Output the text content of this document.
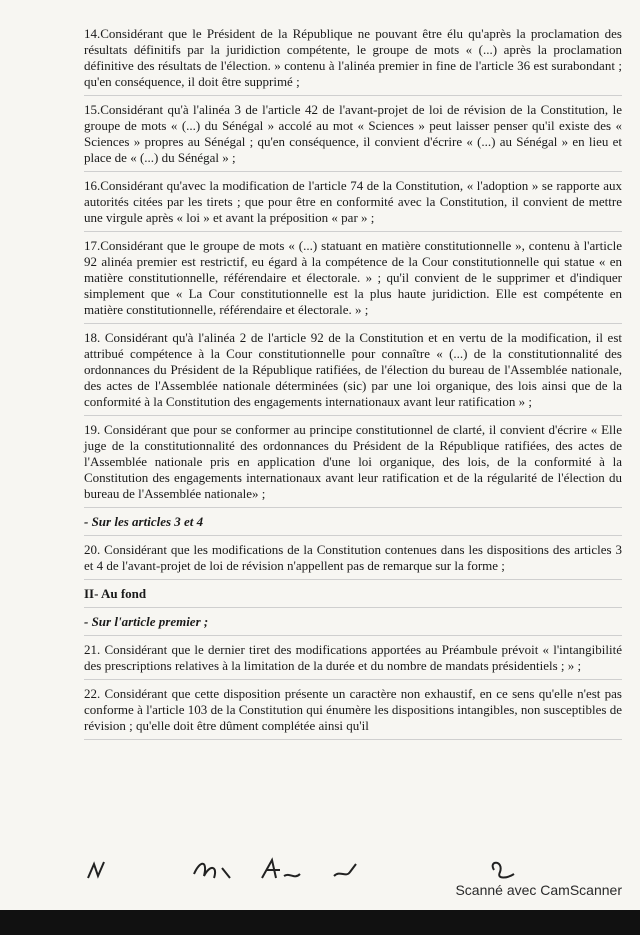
14.Considérant que le Président de la République ne pouvant être élu qu'après la proclamation des résultats définitifs par la juridiction compétente, le groupe de mots « (...) après la proclamation définitive des résultats de l'élection. » contenu à l'alinéa premier in fine de l'article 36 est surabondant ; qu'en conséquence, il doit être supprimé ;

15.Considérant qu'à l'alinéa 3 de l'article 42 de l'avant-projet de loi de révision de la Constitution, le groupe de mots « (...) du Sénégal » accolé au mot « Sciences » peut laisser penser qu'il existe des « Sciences » propres au Sénégal ; qu'en conséquence, il convient d'écrire « (...) au Sénégal » en lieu et place de « (...) du Sénégal » ;

16.Considérant qu'avec la modification de l'article 74 de la Constitution, « l'adoption » se rapporte aux autorités citées par les tirets ; que pour être en conformité avec la Constitution, il convient de mettre une virgule après « loi » et avant la préposition « par » ;

17.Considérant que le groupe de mots « (...) statuant en matière constitutionnelle », contenu à l'article 92 alinéa premier est restrictif, eu égard à la compétence de la Cour constitutionnelle qui statue « en matière constitutionnelle, référendaire et électorale. » ; qu'il convient de le supprimer et d'indiquer simplement que « La Cour constitutionnelle est la plus haute juridiction. Elle est compétente en matière constitutionnelle, référendaire et électorale. » ;

18. Considérant qu'à l'alinéa 2 de l'article 92 de la Constitution et en vertu de la modification, il est attribué compétence à la Cour constitutionnelle pour connaître « (...) de la constitutionnalité des ordonnances du Président de la République ratifiées, de l'élection du bureau de l'Assemblée nationale, des actes de l'Assemblée nationale déterminées (sic) par une loi organique, des lois ainsi que de la conformité à la Constitution des engagements internationaux avant leur ratification » ;

19. Considérant que pour se conformer au principe constitutionnel de clarté, il convient d'écrire « Elle juge de la constitutionnalité des ordonnances du Président de la République ratifiées, des actes de l'Assemblée nationale pris en application d'une loi organique, des lois, de la conformité à la Constitution des engagements internationaux avant leur ratification et de la régularité de l'élection du bureau de l'Assemblée nationale» ;

- Sur les articles 3 et 4

20. Considérant que les modifications de la Constitution contenues dans les dispositions des articles 3 et 4 de l'avant-projet de loi de révision n'appellent pas de remarque sur la forme ;

II- Au fond

- Sur l'article premier ;

21. Considérant que le dernier tiret des modifications apportées au Préambule prévoit « l'intangibilité des prescriptions relatives à la limitation de la durée et du nombre de mandats présidentiels ; » ;

22. Considérant que cette disposition présente un caractère non exhaustif, en ce sens qu'elle n'est pas conforme à l'article 103 de la Constitution qui énumère les dispositions intangibles, non susceptibles de révision ; qu'elle doit être dûment complétée ainsi qu'il

Scanné avec CamScanner
